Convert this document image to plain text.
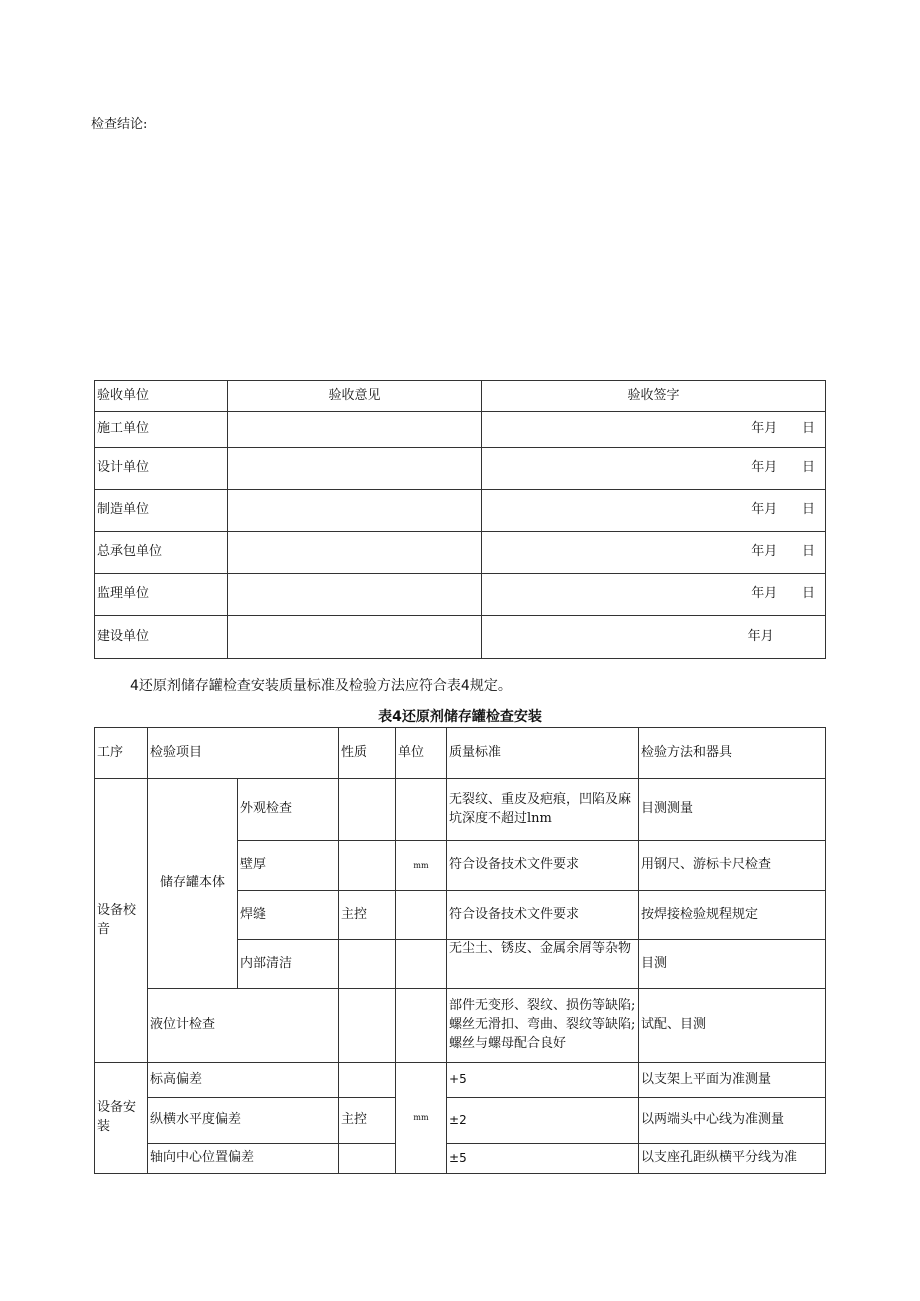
检查结论:
验收单位	验收意见	验收签字
施工单位		年月      日
设计单位		年月      日
制造单位		年月      日
总承包单位		年月      日
监理单位		年月      日
建设单位		年月
4还原剂储存罐检查安装质量标准及检验方法应符合表4规定。
表4还原剂储存罐检查安装
工序	检验项目		性质	单位	质量标准	检验方法和器具
设备校音	储存罐本体	外观检查			无裂纹、重皮及疤痕，凹陷及麻坑深度不超过lnm	目测测量
		壁厚		mm	符合设备技术文件要求	用钢尺、游标卡尺检查
		焊缝	主控		符合设备技术文件要求	按焊接检验规程规定
		内部清洁			无尘土、锈皮、金属余屑等杂物	目测
	液位计检查				部件无变形、裂纹、损伤等缺陷;螺丝无滑扣、弯曲、裂纹等缺陷;螺丝与螺母配合良好	试配、目测
设备安装	标高偏差			mm	+5	以支架上平面为准测量
	纵横水平度偏差		主控		±2	以两端头中心线为准测量
	轴向中心位置偏差				±5	以支座孔距纵横平分线为准
